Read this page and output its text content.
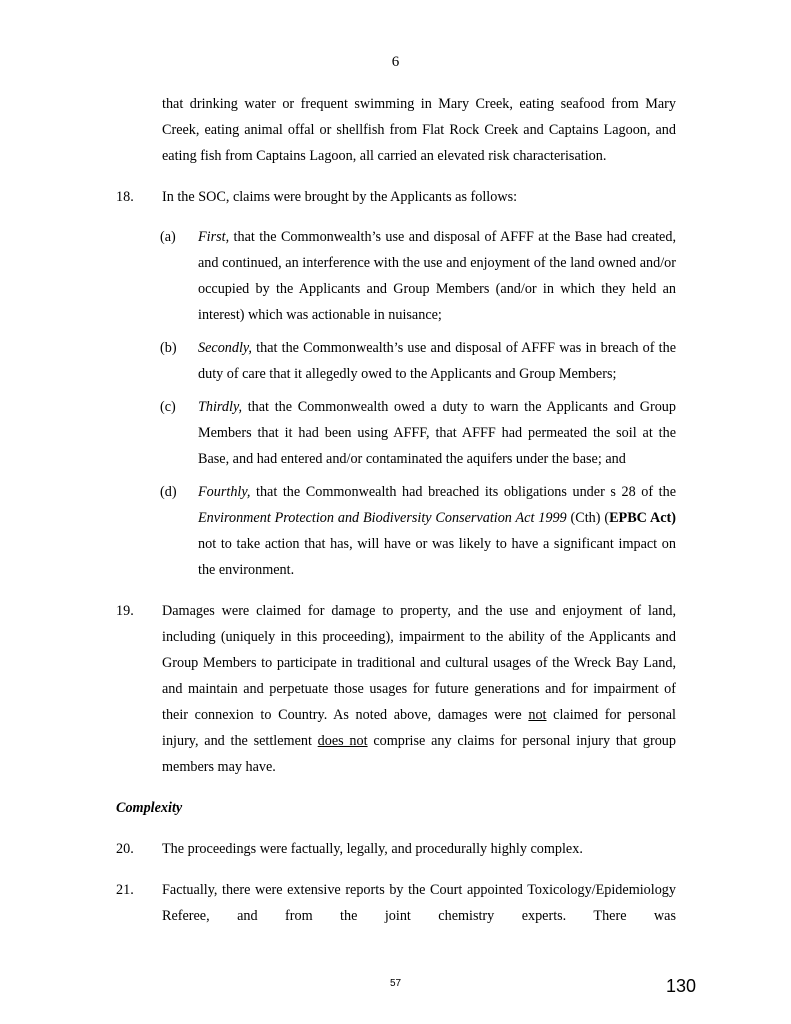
6
that drinking water or frequent swimming in Mary Creek, eating seafood from Mary Creek, eating animal offal or shellfish from Flat Rock Creek and Captains Lagoon, and eating fish from Captains Lagoon, all carried an elevated risk characterisation.
18. In the SOC, claims were brought by the Applicants as follows:
(a) First, that the Commonwealth’s use and disposal of AFFF at the Base had created, and continued, an interference with the use and enjoyment of the land owned and/or occupied by the Applicants and Group Members (and/or in which they held an interest) which was actionable in nuisance;
(b) Secondly, that the Commonwealth’s use and disposal of AFFF was in breach of the duty of care that it allegedly owed to the Applicants and Group Members;
(c) Thirdly, that the Commonwealth owed a duty to warn the Applicants and Group Members that it had been using AFFF, that AFFF had permeated the soil at the Base, and had entered and/or contaminated the aquifers under the base; and
(d) Fourthly, that the Commonwealth had breached its obligations under s 28 of the Environment Protection and Biodiversity Conservation Act 1999 (Cth) (EPBC Act) not to take action that has, will have or was likely to have a significant impact on the environment.
19. Damages were claimed for damage to property, and the use and enjoyment of land, including (uniquely in this proceeding), impairment to the ability of the Applicants and Group Members to participate in traditional and cultural usages of the Wreck Bay Land, and maintain and perpetuate those usages for future generations and for impairment of their connexion to Country. As noted above, damages were not claimed for personal injury, and the settlement does not comprise any claims for personal injury that group members may have.
Complexity
20. The proceedings were factually, legally, and procedurally highly complex.
21. Factually, there were extensive reports by the Court appointed Toxicology/Epidemiology Referee, and from the joint chemistry experts. There was
57	130
